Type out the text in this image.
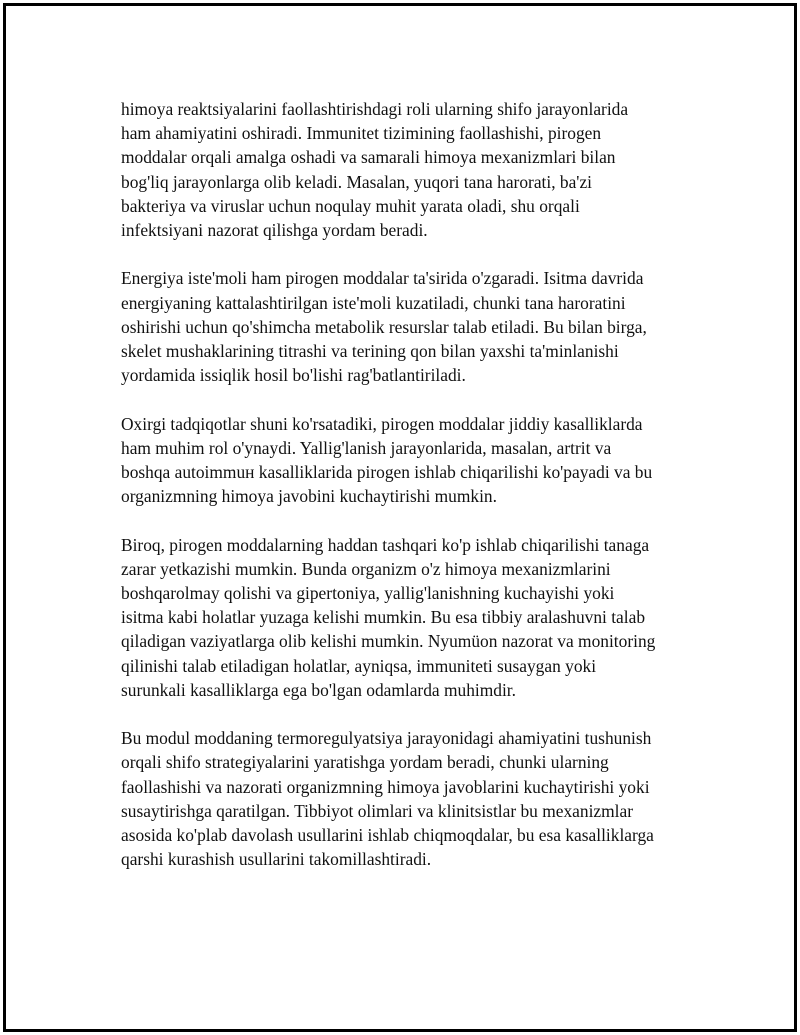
himoya reaktsiyalarini faollashtirishdagi roli ularning shifo jarayonlarida
ham ahamiyatini oshiradi. Immunitet tizimining faollashishi, pirogen
moddalar orqali amalga oshadi va samarali himoya mexanizmlari bilan
bog'liq jarayonlarga olib keladi. Masalan, yuqori tana harorati, ba'zi
bakteriya va viruslar uchun noqulay muhit yarata oladi, shu orqali
infektsiyani nazorat qilishga yordam beradi.

Energiya iste'moli ham pirogen moddalar ta'sirida o'zgaradi. Isitma davrida
energiyaning kattalashtirilgan iste'moli kuzatiladi, chunki tana haroratini
oshirishi uchun qo'shimcha metabolik resurslar talab etiladi. Bu bilan birga,
skelet mushaklarining titrashi va terining qon bilan yaxshi ta'minlanishi
yordamida issiqlik hosil bo'lishi rag'batlantiriladi.

Oxirgi tadqiqotlar shuni ko'rsatadiki, pirogen moddalar jiddiy kasalliklarda
ham muhim rol o'ynaydi. Yallig'lanish jarayonlarida, masalan, artrit va
boshqa autoimmuн kasalliklarida pirogen ishlab chiqarilishi ko'payadi va bu
organizmning himoya javobini kuchaytirishi mumkin.

Biroq, pirogen moddalarning haddan tashqari ko'p ishlab chiqarilishi tanaga
zarar yetkazishi mumkin. Bunda organizm o'z himoya mexanizmlarini
boshqarolmay qolishi va gipertoniya, yallig'lanishning kuchayishi yoki
isitma kabi holatlar yuzaga kelishi mumkin. Bu esa tibbiy aralashuvni talab
qiladigan vaziyatlarga olib kelishi mumkin. Nyumüon nazorat va monitoring
qilinishi talab etiladigan holatlar, ayniqsa, immuniteti susaygan yoki
surunkali kasalliklarga ega bo'lgan odamlarda muhimdir.

Bu modul moddaning termoregulyatsiya jarayonidagi ahamiyatini tushunish
orqali shifo strategiyalarini yaratishga yordam beradi, chunki ularning
faollashishi va nazorati organizmning himoya javoblarini kuchaytirishi yoki
susaytirishga qaratilgan. Tibbiyot olimlari va klinitsistlar bu mexanizmlar
asosida ko'plab davolash usullarini ishlab chiqmoqdalar, bu esa kasalliklarga
qarshi kurashish usullarini takomillashtiradi.
